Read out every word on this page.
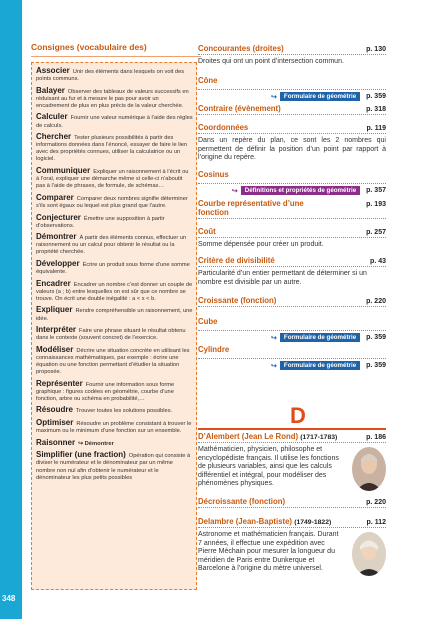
348
Consignes (vocabulaire des)
Associer Unir des éléments dans lesquels on voit des points communs.
Balayer Observer des tableaux de valeurs successifs en réduisant au fur et à mesure le pas pour avoir un encadrement de plus en plus précis de la valeur cherchée.
Calculer Fournir une valeur numérique à l’aide des règles de calculs.
Chercher Tester plusieurs possibilités à partir des informations données dans l’énoncé, essayer de faire le lien avec des propriétés connues, utiliser la calculatrice ou un logiciel.
Communiquer Expliquer un raisonnement à l’écrit ou à l’oral, expliquer une démarche même si celle-ci n’aboutit pas à l’aide de phrases, de formule, de schémas…
Comparer Comparer deux nombres signifie déterminer s’ils sont égaux ou lequel est plus grand que l’autre.
Conjecturer Émettre une supposition à partir d’observations.
Démontrer À partir des éléments connus, effectuer un raisonnement ou un calcul pour obtenir le résultat ou la propriété cherchée.
Développer Écrire un produit sous forme d’une somme équivalente.
Encadrer Encadrer un nombre c’est donner un couple de valeurs (a ; b) entre lesquelles on est sûr que ce nombre se trouve. On écrit une double inégalité : a < x < b.
Expliquer Rendre compréhensible un raisonnement, une idée.
Interpréter Faire une phrase situant le résultat obtenu dans le contexte (souvent concret) de l’exercice.
Modéliser Décrire une situation concrète en utilisant les connaissances mathématiques, par exemple : écrire une équation ou une fonction permettant d’étudier la situation proposée.
Représenter Fournir une information sous forme graphique : figures codées en géométrie, courbe d’une fonction, arbre ou schéma en probabilité,…
Résoudre Trouver toutes les solutions possibles.
Optimiser Résoudre un problème consistant à trouver le maximum ou le minimum d’une fonction sur un ensemble.
Raisonner ↪ Démontrer
Simplifier (une fraction) Opération qui consiste à diviser le numérateur et le dénominateur par un même nombre non nul afin d’obtenir le numérateur et le dénominateur les plus petits possibles
Concourantes (droites)	p. 130
Droites qui ont un point d’intersection commun.
Cône
↪	Formulaire de géométrie	p. 359
Contraire (évènement)	p. 318
Coordonnées	p. 119
Dans un repère du plan, ce sont les 2 nombres qui permettent de définir la position d’un point par rapport à l’origine du repère.
Cosinus
↪	Définitions et propriétés de géométrie	p. 357
Courbe représentative d’une fonction
p. 193
Coût	p. 257
Somme dépensée pour créer un produit.
Critère de divisibilité	p. 43
Particularité d’un entier permettant de déterminer si un nombre est divisible par un autre.
Croissante (fonction)	p. 220
Cube
↪	Formulaire de géométrie	p. 359
Cylindre
↪	Formulaire de géométrie	p. 359
D
D’Alembert (Jean Le Rond) (1717-1783)	p. 186
Mathématicien, physicien, philosophe et encyclopédiste français. Il utilise les fonctions de plusieurs variables, ainsi que les calculs différentiel et intégral, pour modéliser des phénomènes physiques.
Décroissante (fonction)	p. 220
Delambre (Jean-Baptiste) (1749-1822)	p. 112
Astronome et mathématicien français. Durant 7 années, il effectue une expédition avec Pierre Méchain pour mesurer la longueur du méridien de Paris entre Dunkerque et Barcelone à l’origine du mètre universel.
